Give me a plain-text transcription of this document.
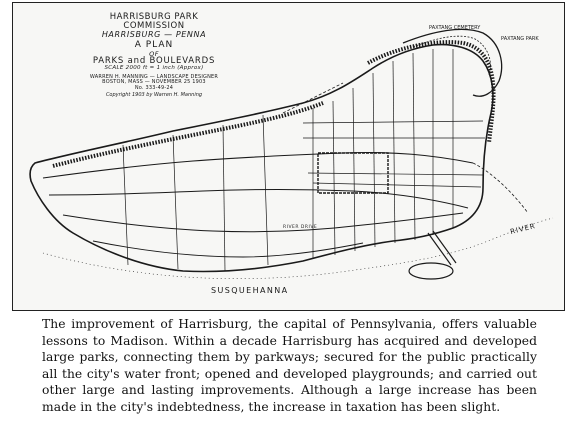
HARRISBURG PARK COMMISSION
HARRISBURG — PENNA
A PLAN
OF
PARKS and BOULEVARDS
SCALE 2000 ft = 1 inch (Approx)
WARREN H. MANNING — LANDSCAPE DESIGNER
BOSTON, MASS — NOVEMBER 25 1903
No. 333-49-24
Copyright 1903 by Warren H. Manning
SUSQUEHANNA
RIVER
PAXTANG CEMETERY
PAXTANG PARK
RIVER DRIVE
The improvement of Harrisburg, the capital of Pennsylvania, offers valuable lessons to Madison. Within a decade Harrisburg has acquired and developed large parks, connecting them by parkways; secured for the public practically all the city's water front; opened and developed playgrounds; and carried out other large and lasting improvements. Although a large increase has been made in the city's indebtedness, the increase in taxation has been slight.
